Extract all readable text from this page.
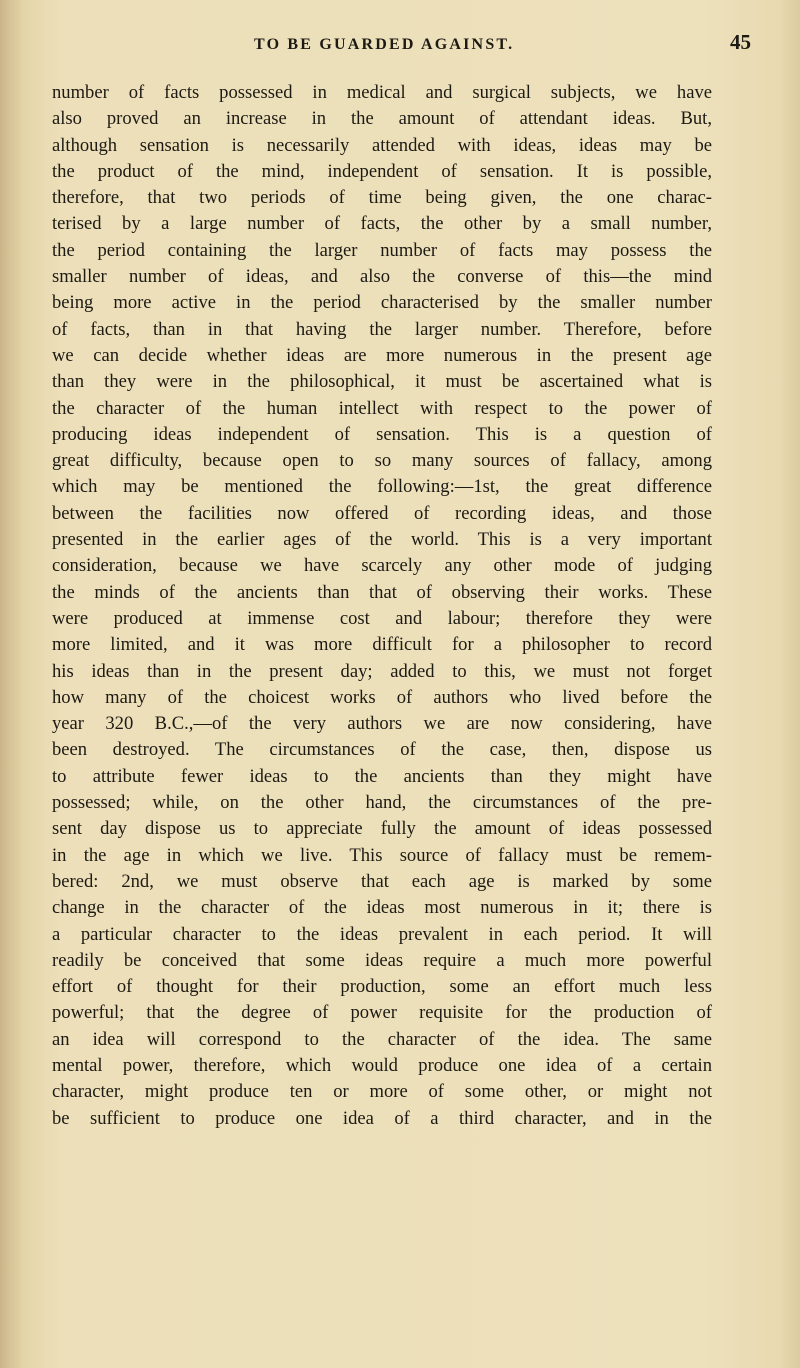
TO BE GUARDED AGAINST.	45
number of facts possessed in medical and surgical subjects, we have
also proved an increase in the amount of attendant ideas. But,
although sensation is necessarily attended with ideas, ideas may be
the product of the mind, independent of sensation. It is possible,
therefore, that two periods of time being given, the one charac-
terised by a large number of facts, the other by a small number,
the period containing the larger number of facts may possess the
smaller number of ideas, and also the converse of this—the mind
being more active in the period characterised by the smaller number
of facts, than in that having the larger number. Therefore, before
we can decide whether ideas are more numerous in the present age
than they were in the philosophical, it must be ascertained what is
the character of the human intellect with respect to the power of
producing ideas independent of sensation. This is a question of
great difficulty, because open to so many sources of fallacy, among
which may be mentioned the following:—1st, the great difference
between the facilities now offered of recording ideas, and those
presented in the earlier ages of the world. This is a very important
consideration, because we have scarcely any other mode of judging
the minds of the ancients than that of observing their works. These
were produced at immense cost and labour; therefore they were
more limited, and it was more difficult for a philosopher to record
his ideas than in the present day; added to this, we must not forget
how many of the choicest works of authors who lived before the
year 320 B.C.,—of the very authors we are now considering, have
been destroyed. The circumstances of the case, then, dispose us
to attribute fewer ideas to the ancients than they might have
possessed; while, on the other hand, the circumstances of the pre-
sent day dispose us to appreciate fully the amount of ideas possessed
in the age in which we live. This source of fallacy must be remem-
bered: 2nd, we must observe that each age is marked by some
change in the character of the ideas most numerous in it; there is
a particular character to the ideas prevalent in each period. It will
readily be conceived that some ideas require a much more powerful
effort of thought for their production, some an effort much less
powerful; that the degree of power requisite for the production of
an idea will correspond to the character of the idea. The same
mental power, therefore, which would produce one idea of a certain
character, might produce ten or more of some other, or might not
be sufficient to produce one idea of a third character, and in the
